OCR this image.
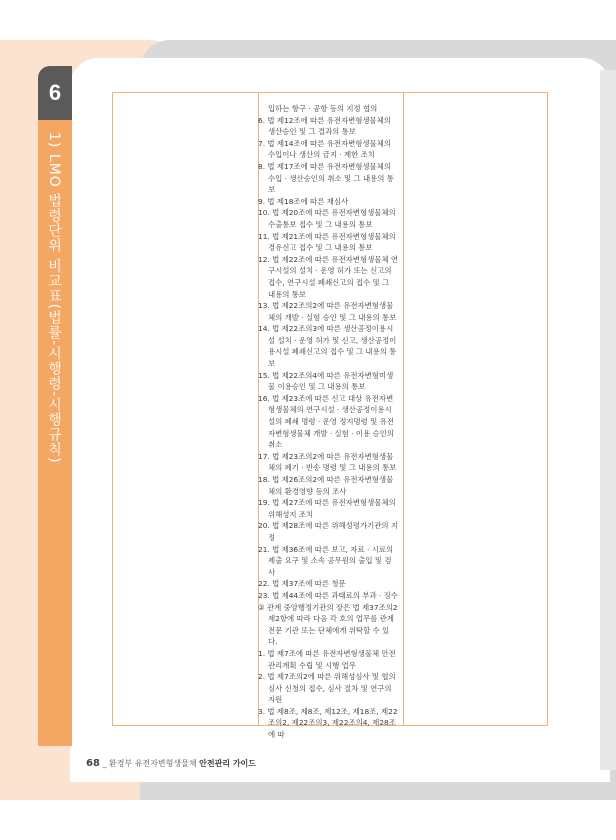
6
1) LMO 법령단위 비교표(법률-시행령-시행규칙)
입하는 항구 · 공항 등의 지정 협의
6. 법 제12조에 따른 유전자변형생물체의 생산승인 및 그 결과의 통보
7. 법 제14조에 따른 유전자변형생물체의 수입이나 생산의 금지 · 제한 조치
8. 법 제17조에 따른 유전자변형생물체의 수입 · 생산승인의 취소 및 그 내용의 통보
9. 법 제18조에 따른 재심사
10. 법 제20조에 따른 유전자변형생물체의 수출통보 접수 및 그 내용의 통보
11. 법 제21조에 따른 유전자변형생물체의 경유신고 접수 및 그 내용의 통보
12. 법 제22조에 따른 유전자변형생물체 연구시설의 설치 · 운영 허가 또는 신고의 접수, 연구시설 폐쇄신고의 접수 및 그 내용의 통보
13. 법 제22조의2에 따른 유전자변형생물체의 개발 · 실험 승인 및 그 내용의 통보
14. 법 제22조의3에 따른 생산공정이용시설 설치 · 운영 허가 및 신고, 생산공정이용시설 폐쇄신고의 접수 및 그 내용의 통보
15. 법 제22조의4에 따른 유전자변형미생물 이용승인 및 그 내용의 통보
16. 법 제23조에 따른 신고 대상 유전자변형생물체의 연구시설 · 생산공정이용시설의 폐쇄 명령 · 운영 정지명령 및 유전자변형생물체 개발 · 실험 · 이용 승인의 취소
17. 법 제23조의2에 따른 유전자변형생물체의 폐기 · 반송 명령 및 그 내용의 통보
18. 법 제26조의2에 따른 유전자변형생물체의 환경영향 등의 조사
19. 법 제27조에 따른 유전자변형생물체의 위해성지 조치
20. 법 제28조에 따른 위해성평가기관의 지정
21. 법 제36조에 따른 보고, 자료 · 시료의 제출 요구 및 소속 공무원의 출입 및 검사
22. 법 제37조에 따른 청문
23. 법 제44조에 따른 과태료의 부과 · 징수
② 관계 중앙행정기관의 장은 법 제37조의2 제2항에 따라 다음 각 호의 업무를 관계 전문 기관 또는 단체에게 위탁할 수 있다.
1. 법 제7조에 따른 유전자변형생물체 안전관리계획 수립 및 시행 업무
2. 법 제7조의2에 따른 위해성심사 및 협의심사 신청의 접수, 심사 절차 및 연구의 지원
3. 법 제8조, 제8조, 제12조, 제18조, 제22조의2, 제22조의3, 제22조의4, 제28조에 따
68 _ 환경부 유전자변형생물체 안전관리 가이드
